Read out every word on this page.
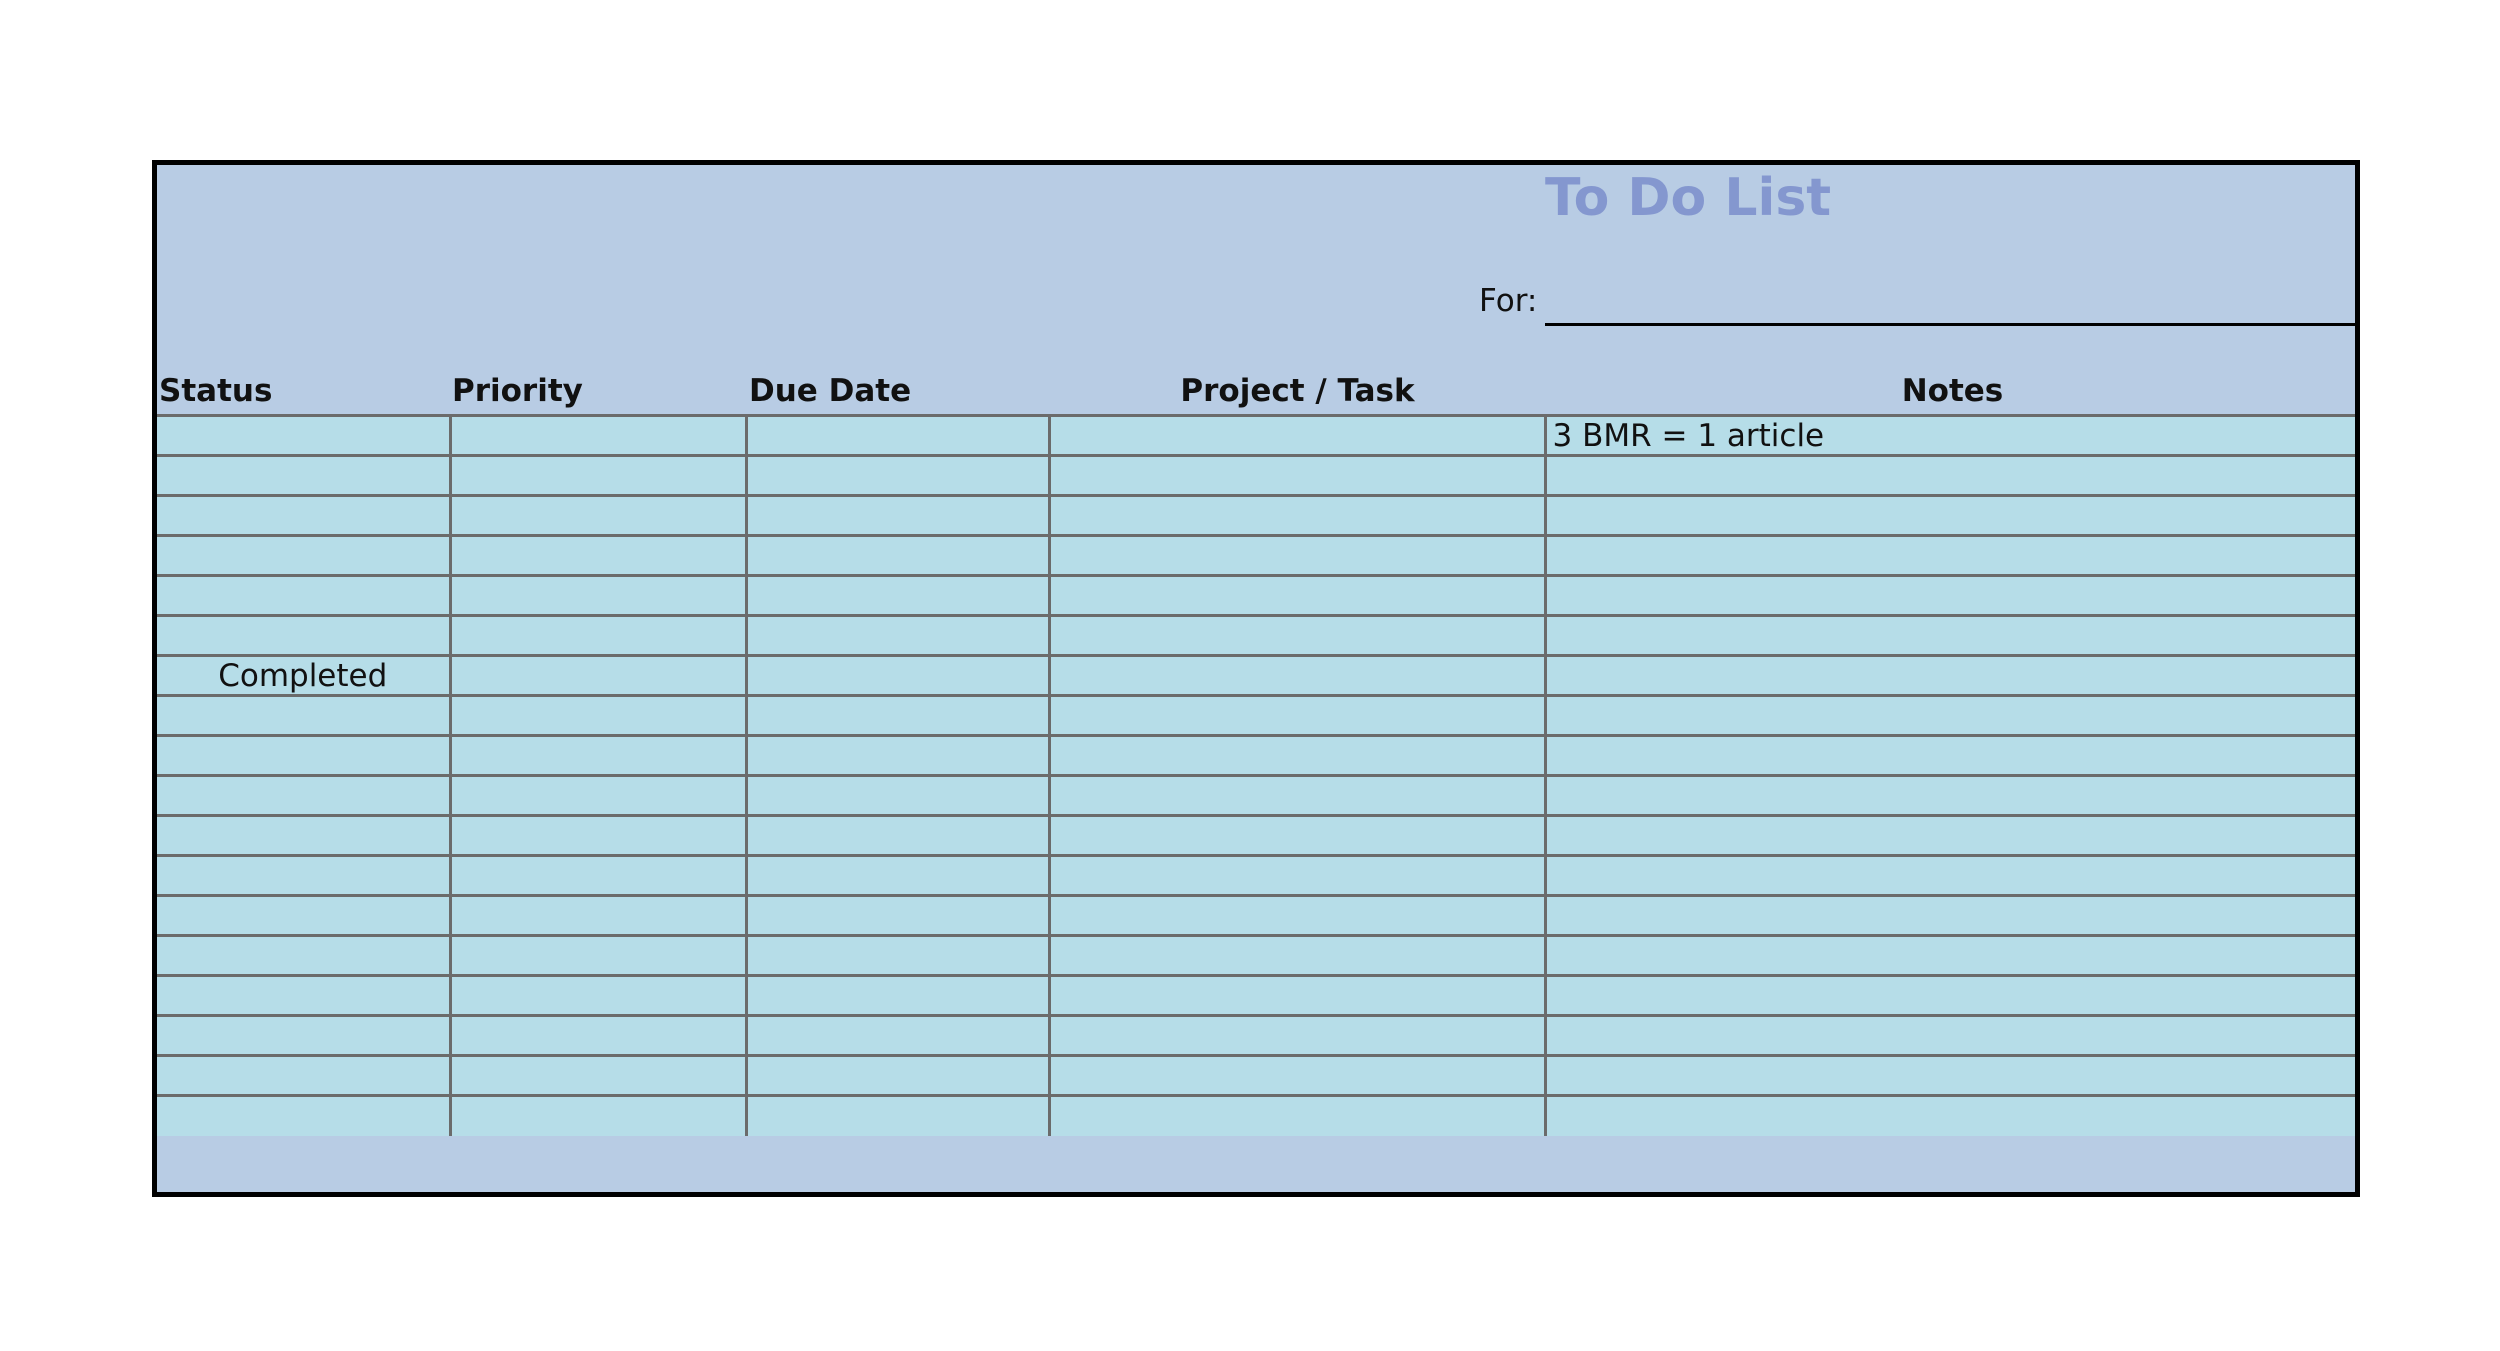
To Do List
For:
Status	Priority	Due Date	Project / Task	Notes
				3 BMR = 1 article

Completed				
